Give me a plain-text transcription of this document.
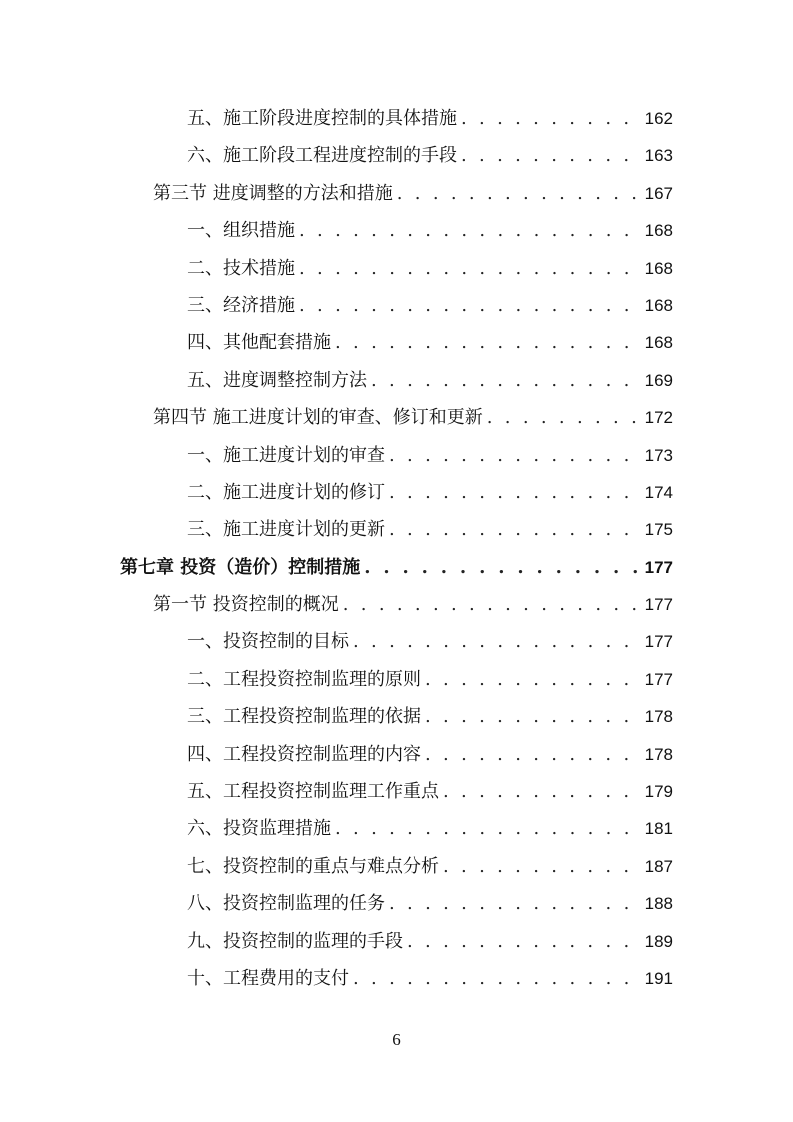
五、施工阶段进度控制的具体措施 . . .	162
六、施工阶段工程进度控制的手段 . . .	163
第三节 进度调整的方法和措施 . . .	167
一、组织措施 . . .	168
二、技术措施 . . .	168
三、经济措施 . . .	168
四、其他配套措施 . . .	168
五、进度调整控制方法 . . .	169
第四节 施工进度计划的审查、修订和更新 . . .	172
一、施工进度计划的审查 . . .	173
二、施工进度计划的修订 . . .	174
三、施工进度计划的更新 . . .	175
第七章 投资（造价）控制措施 . . .	177
第一节 投资控制的概况 . . .	177
一、投资控制的目标 . . .	177
二、工程投资控制监理的原则 . . .	177
三、工程投资控制监理的依据 . . .	178
四、工程投资控制监理的内容 . . .	178
五、工程投资控制监理工作重点 . . .	179
六、投资监理措施 . . .	181
七、投资控制的重点与难点分析 . . .	187
八、投资控制监理的任务 . . .	188
九、投资控制的监理的手段 . . .	189
十、工程费用的支付 . . .	191
6
